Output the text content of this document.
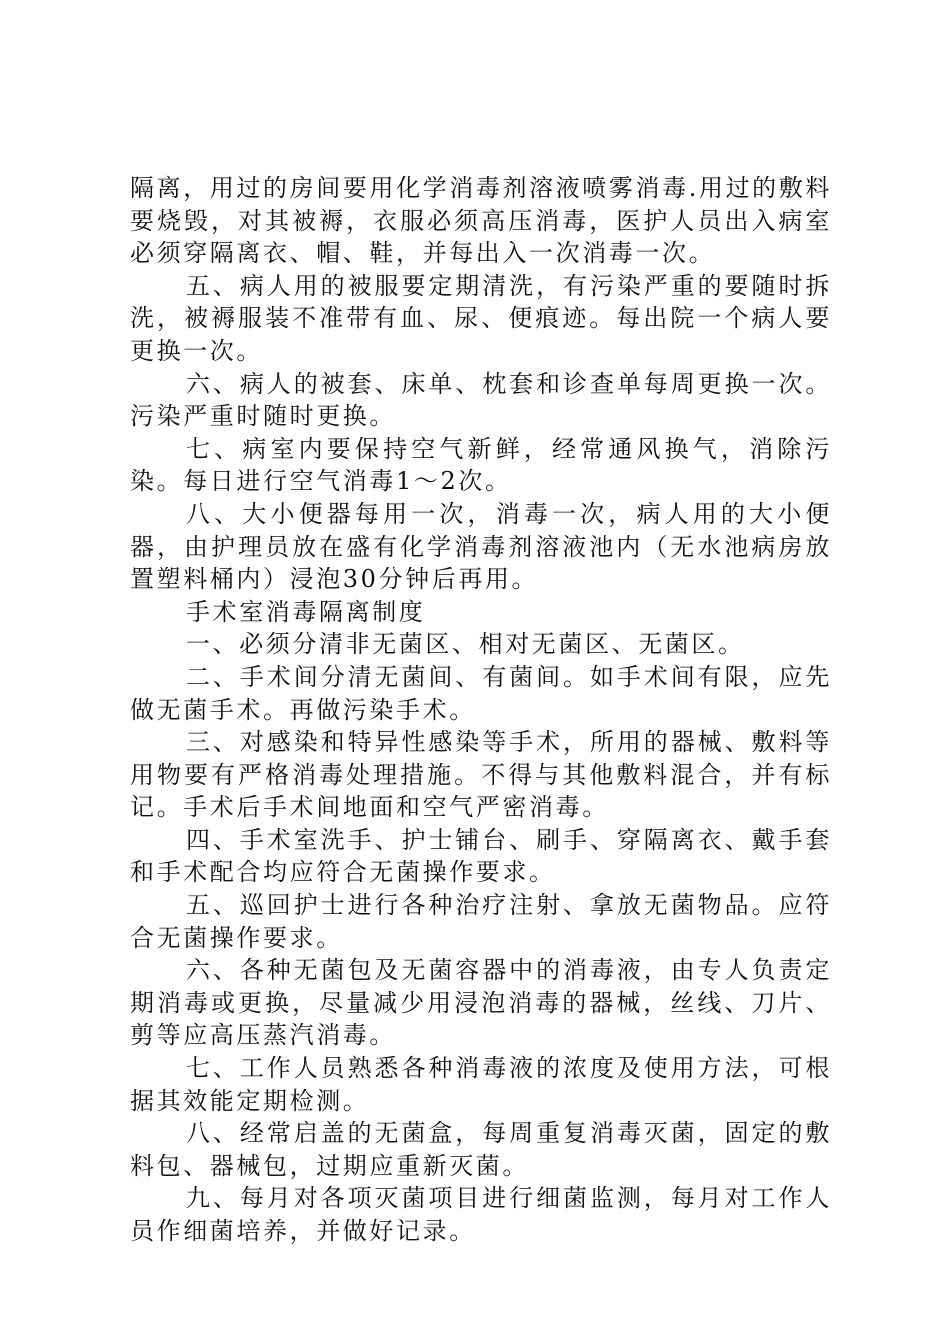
隔离，用过的房间要用化学消毒剂溶液喷雾消毒.用过的敷料要烧毁，对其被褥，衣服必须高压消毒，医护人员出入病室必须穿隔离衣、帽、鞋，并每出入一次消毒一次。

五、病人用的被服要定期清洗，有污染严重的要随时拆洗，被褥服装不准带有血、尿、便痕迹。每出院一个病人要更换一次。

六、病人的被套、床单、枕套和诊查单每周更换一次。污染严重时随时更换。

七、病室内要保持空气新鲜，经常通风换气，消除污染。每日进行空气消毒1～2次。

八、大小便器每用一次，消毒一次，病人用的大小便器，由护理员放在盛有化学消毒剂溶液池内（无水池病房放置塑料桶内）浸泡30分钟后再用。

手术室消毒隔离制度

一、必须分清非无菌区、相对无菌区、无菌区。

二、手术间分清无菌间、有菌间。如手术间有限，应先做无菌手术。再做污染手术。

三、对感染和特异性感染等手术，所用的器械、敷料等用物要有严格消毒处理措施。不得与其他敷料混合，并有标记。手术后手术间地面和空气严密消毒。

四、手术室洗手、护士铺台、刷手、穿隔离衣、戴手套和手术配合均应符合无菌操作要求。

五、巡回护士进行各种治疗注射、拿放无菌物品。应符合无菌操作要求。

六、各种无菌包及无菌容器中的消毒液，由专人负责定期消毒或更换，尽量减少用浸泡消毒的器械，丝线、刀片、剪等应高压蒸汽消毒。

七、工作人员熟悉各种消毒液的浓度及使用方法，可根据其效能定期检测。

八、经常启盖的无菌盒，每周重复消毒灭菌，固定的敷料包、器械包，过期应重新灭菌。

九、每月对各项灭菌项目进行细菌监测，每月对工作人员作细菌培养，并做好记录。
